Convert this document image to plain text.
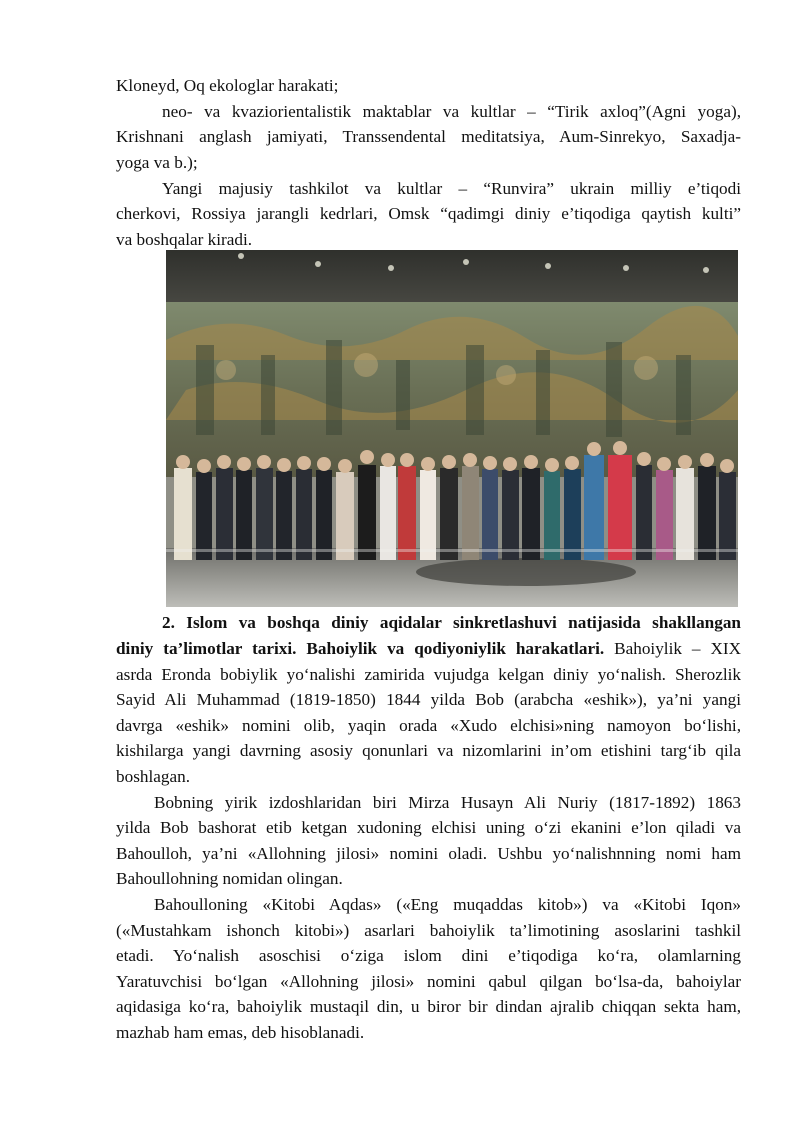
Kloneyd, Oq ekologlar harakati;
neo- va kvaziorientalistik maktablar va kultlar – “Tirik axloq”(Agni yoga),
Krishnani anglash jamiyati, Transsendental meditatsiya, Aum-Sinrekyo, Saxadja-
yoga va b.);
Yangi majusiy tashkilot va kultlar – “Runvira” ukrain milliy e’tiqodi
cherkovi, Rossiya jarangli kedrlari, Omsk “qadimgi diniy e’tiqodiga qaytish kulti”
va boshqalar kiradi.
2. Islom va boshqa diniy aqidalar sinkretlashuvi natijasida shakllangan
diniy ta’limotlar tarixi. Bahoiylik va qodiyoniylik harakatlari. Bahoiylik – XIX
asrda Eronda bobiylik yo‘nalishi zamirida vujudga kelgan diniy yo‘nalish. Sherozlik
Sayid Ali Muhammad (1819-1850) 1844 yilda Bob (arabcha «eshik»), ya’ni yangi
davrga «eshik» nomini olib, yaqin orada «Xudo elchisi»ning namoyon bo‘lishi,
kishilarga yangi davrning asosiy qonunlari va nizomlarini in’om etishini targ‘ib qila
boshlagan.
Bobning yirik izdoshlaridan biri Mirza Husayn Ali Nuriy (1817-1892) 1863
yilda Bob bashorat etib ketgan xudoning elchisi uning o‘zi ekanini e’lon qiladi va
Bahoulloh, ya’ni «Allohning jilosi» nomini oladi. Ushbu yo‘nalishnning nomi ham
Bahoullohning nomidan olingan.
Bahoulloning «Kitobi Aqdas» («Eng muqaddas kitob») va «Kitobi Iqon»
(«Mustahkam ishonch kitobi») asarlari bahoiylik ta’limotining asoslarini tashkil
etadi. Yo‘nalish asoschisi o‘ziga islom dini e’tiqodiga ko‘ra, olamlarning
Yaratuvchisi bo‘lgan «Allohning jilosi» nomini qabul qilgan bo‘lsa-da, bahoiylar
aqidasiga ko‘ra, bahoiylik mustaqil din, u biror bir dindan ajralib chiqqan sekta ham,
mazhab ham emas, deb hisoblanadi.
